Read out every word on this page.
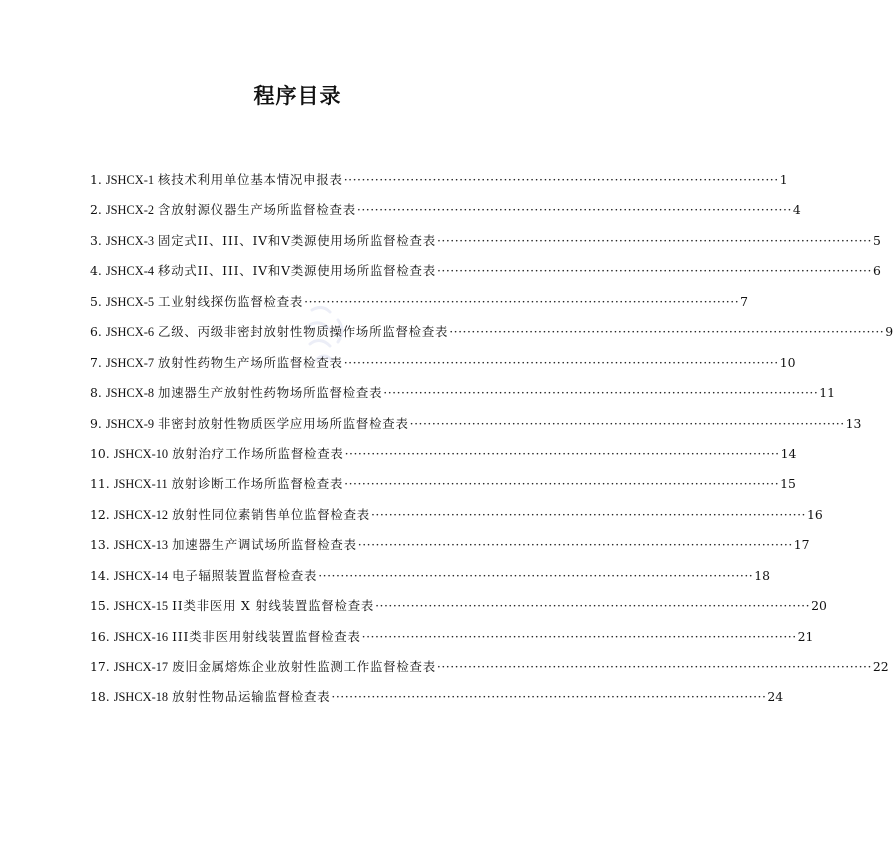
程序目录
1. JSHCX-1 核技术利用单位基本情况申报表 ·····	1
2. JSHCX-2 含放射源仪器生产场所监督检查表 ·····	4
3. JSHCX-3 固定式II、III、IV和V类源使用场所监督检查表 ·····	5
4. JSHCX-4 移动式II、III、IV和V类源使用场所监督检查表 ·····	6
5. JSHCX-5 工业射线探伤监督检查表 ·····	7
6. JSHCX-6 乙级、丙级非密封放射性物质操作场所监督检查表 ·····	9
7. JSHCX-7 放射性药物生产场所监督检查表 ·····	10
8. JSHCX-8 加速器生产放射性药物场所监督检查表 ·····	11
9. JSHCX-9 非密封放射性物质医学应用场所监督检查表 ·····	13
10. JSHCX-10 放射治疗工作场所监督检查表 ·····	14
11. JSHCX-11 放射诊断工作场所监督检查表 ·····	15
12. JSHCX-12 放射性同位素销售单位监督检查表 ·····	16
13. JSHCX-13 加速器生产调试场所监督检查表 ·····	17
14. JSHCX-14 电子辐照装置监督检查表 ·····	18
15. JSHCX-15 II类非医用 X 射线装置监督检查表 ·····	20
16. JSHCX-16 III类非医用射线装置监督检查表 ·····	21
17. JSHCX-17 废旧金属熔炼企业放射性监测工作监督检查表 ·····	22
18. JSHCX-18 放射性物品运输监督检查表 ·····	24
